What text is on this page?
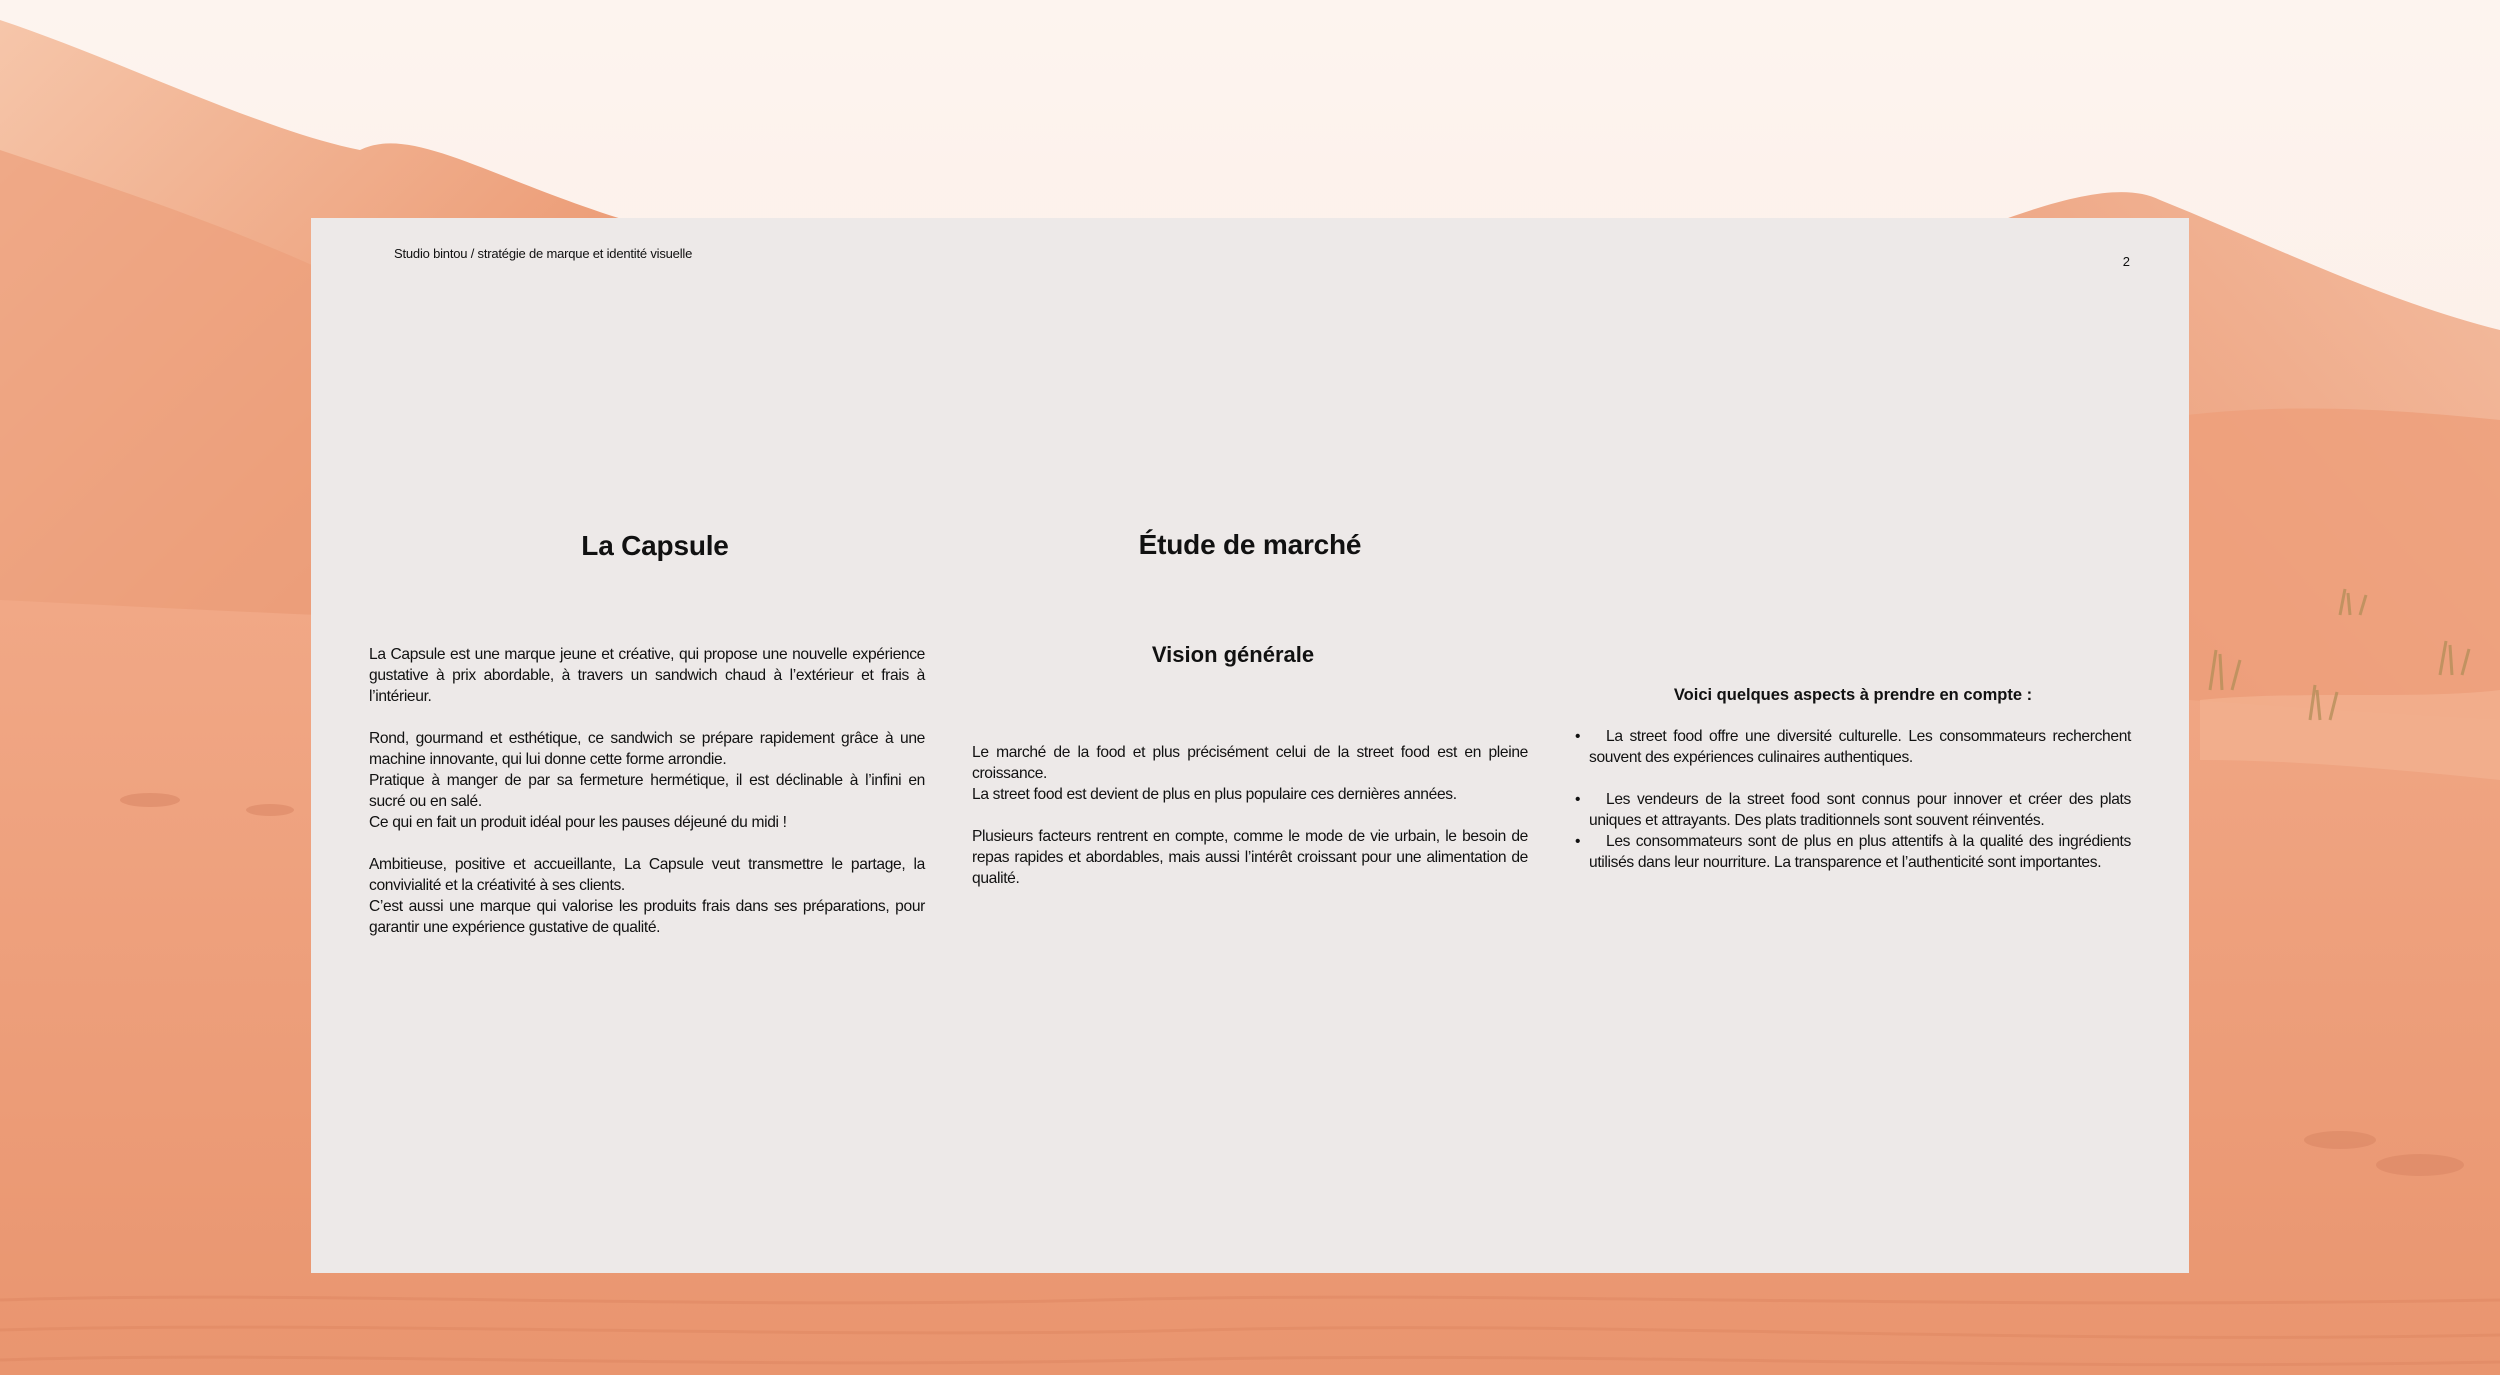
Studio bintou / stratégie de marque et identité visuelle

2

La Capsule

La Capsule est une marque jeune et créative, qui propose une nouvelle expérience gustative à prix abordable, à travers un sandwich chaud à l’extérieur et frais à l’intérieur.

Rond, gourmand et esthétique, ce sandwich se prépare rapidement grâce à une machine innovante, qui lui donne cette forme arrondie.

Pratique à manger de par sa fermeture hermétique, il est déclinable à l’infini en sucré ou en salé.

Ce qui en fait un produit idéal pour les pauses déjeuné du midi !

Ambitieuse, positive et accueillante, La Capsule veut transmettre le partage, la convivialité et la créativité à ses clients.

C’est aussi une marque qui valorise les produits frais dans ses préparations, pour garantir une expérience gustative de qualité.

Étude de marché
Vision générale

Le marché de la food et plus précisément celui de la street food est en pleine croissance.

La street food est devient de plus en plus populaire ces dernières années.

Plusieurs facteurs rentrent en compte, comme le mode de vie urbain, le besoin de repas rapides et abordables, mais aussi l’intérêt croissant pour une alimentation de qualité.

Voici quelques aspects à prendre en compte :
• La street food offre une diversité culturelle. Les consommateurs recherchent souvent des expériences culinaires authentiques.
• Les vendeurs de la street food sont connus pour innover et créer des plats uniques et attrayants. Des plats traditionnels sont souvent réinventés.
• Les consommateurs sont de plus en plus attentifs à la qualité des ingrédients utilisés dans leur nourriture. La transparence et l’authenticité sont importantes.
